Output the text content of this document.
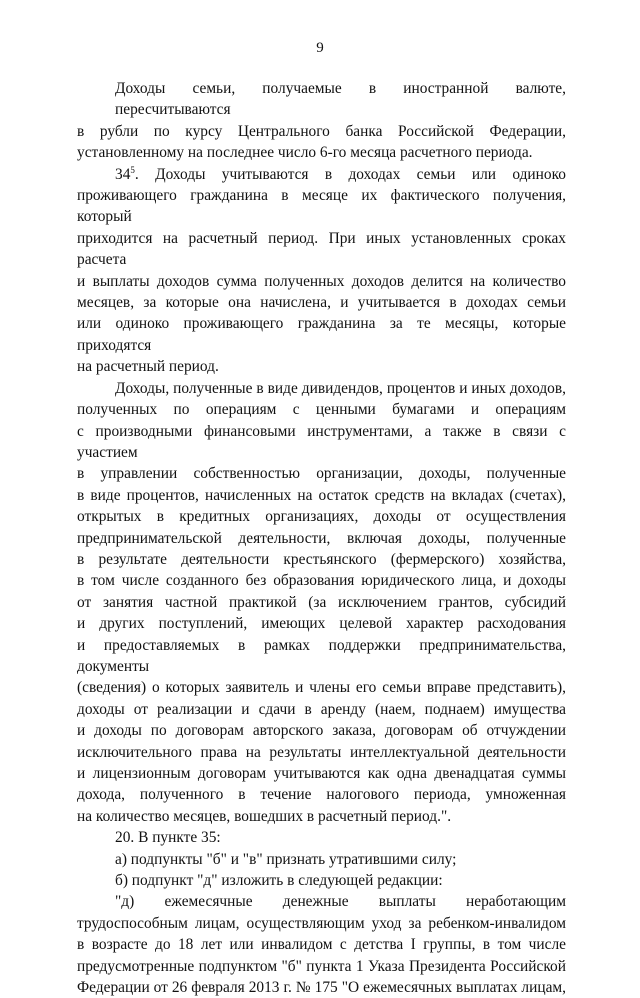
9
Доходы семьи, получаемые в иностранной валюте, пересчитываются
в рубли по курсу Центрального банка Российской Федерации,
установленному на последнее число 6-го месяца расчетного периода.
$34^5$. Доходы учитываются в доходах семьи или одиноко
проживающего гражданина в месяце их фактического получения, который
приходится на расчетный период. При иных установленных сроках расчета
и выплаты доходов сумма полученных доходов делится на количество
месяцев, за которые она начислена, и учитывается в доходах семьи
или одиноко проживающего гражданина за те месяцы, которые приходятся
на расчетный период.
Доходы, полученные в виде дивидендов, процентов и иных доходов,
полученных по операциям с ценными бумагами и операциям
с производными финансовыми инструментами, а также в связи с участием
в управлении собственностью организации, доходы, полученные
в виде процентов, начисленных на остаток средств на вкладах (счетах),
открытых в кредитных организациях, доходы от осуществления
предпринимательской деятельности, включая доходы, полученные
в результате деятельности крестьянского (фермерского) хозяйства,
в том числе созданного без образования юридического лица, и доходы
от занятия частной практикой (за исключением грантов, субсидий
и других поступлений, имеющих целевой характер расходования
и предоставляемых в рамках поддержки предпринимательства, документы
(сведения) о которых заявитель и члены его семьи вправе представить),
доходы от реализации и сдачи в аренду (наем, поднаем) имущества
и доходы по договорам авторского заказа, договорам об отчуждении
исключительного права на результаты интеллектуальной деятельности
и лицензионным договорам учитываются как одна двенадцатая суммы
дохода, полученного в течение налогового периода, умноженная
на количество месяцев, вошедших в расчетный период.".
20. В пункте 35:
а) подпункты "б" и "в" признать утратившими силу;
б) подпункт "д" изложить в следующей редакции:
"д) ежемесячные денежные выплаты неработающим
трудоспособным лицам, осуществляющим уход за ребенком-инвалидом
в возрасте до 18 лет или инвалидом с детства I группы, в том числе
предусмотренные подпунктом "б" пункта 1 Указа Президента Российской
Федерации от 26 февраля 2013 г. № 175 "О ежемесячных выплатах лицам,
